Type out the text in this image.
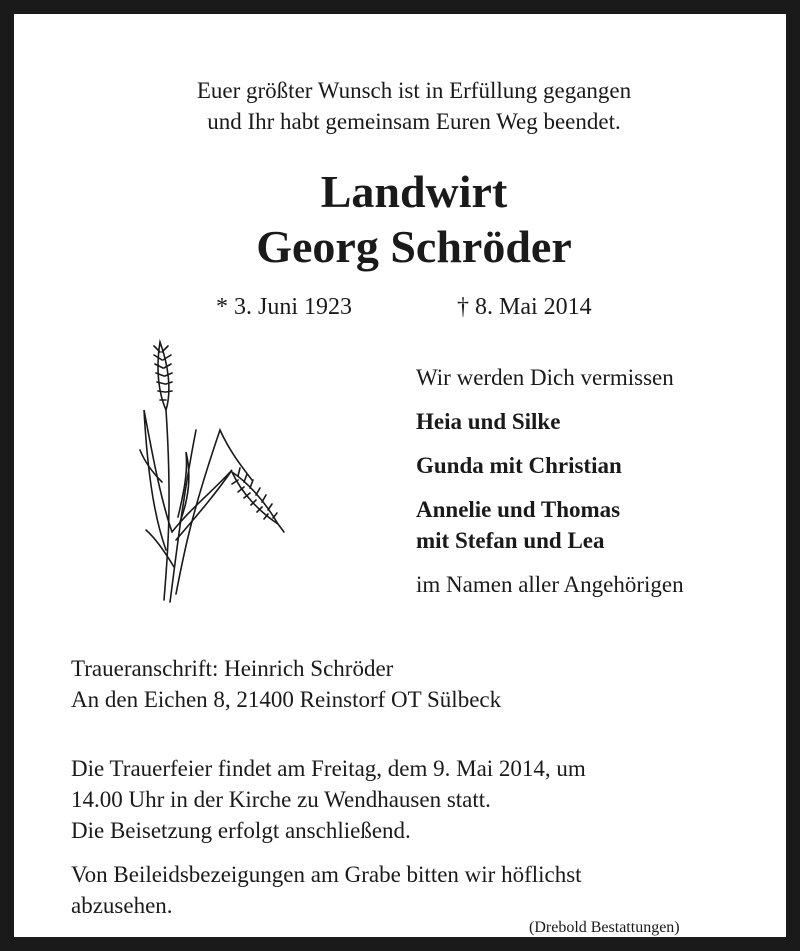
Euer größter Wunsch ist in Erfüllung gegangen
und Ihr habt gemeinsam Euren Weg beendet.
Landwirt
Georg Schröder
* 3. Juni 1923	† 8. Mai 2014
Wir werden Dich vermissen
Heia und Silke
Gunda mit Christian
Annelie und Thomas
mit Stefan und Lea
im Namen aller Angehörigen
Traueranschrift: Heinrich Schröder
An den Eichen 8, 21400 Reinstorf OT Sülbeck
Die Trauerfeier findet am Freitag, dem 9. Mai 2014, um
14.00 Uhr in der Kirche zu Wendhausen statt.
Die Beisetzung erfolgt anschließend.
Von Beileidsbezeigungen am Grabe bitten wir höflichst
abzusehen.
(Drebold Bestattungen)
